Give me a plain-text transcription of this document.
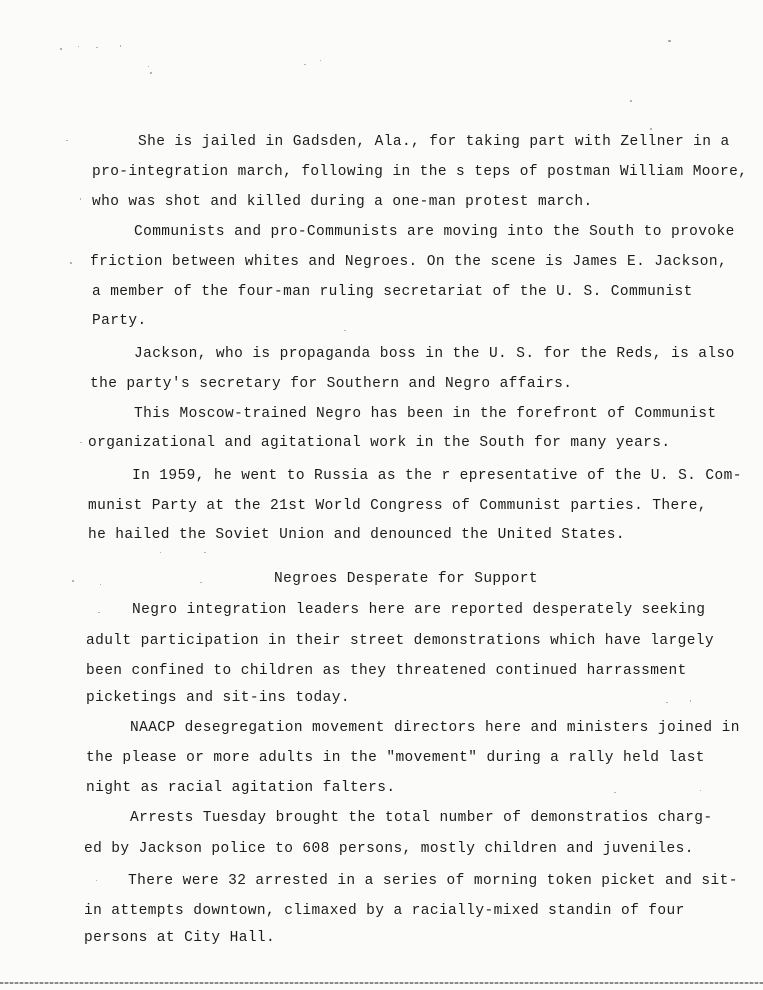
She is jailed in Gadsden, Ala., for taking part with Zellner in a
pro-integration march, following in the s teps of postman William Moore,
who was shot and killed during a one-man protest march.
Communists and pro-Communists are moving into the South to provoke
friction between whites and Negroes. On the scene is James E. Jackson,
a member of the four-man ruling secretariat of the U. S. Communist
Party.
Jackson, who is propaganda boss in the U. S. for the Reds, is also
the party's secretary for Southern and Negro affairs.
This Moscow-trained Negro has been in the forefront of Communist
organizational and agitational work in the South for many years.
In 1959, he went to Russia as the r epresentative of the U. S. Com-
munist Party at the 21st World Congress of Communist parties. There,
he hailed the Soviet Union and denounced the United States.
Negroes Desperate for Support
Negro integration leaders here are reported desperately seeking
adult participation in their street demonstrations which have largely
been confined to children as they threatened continued harrassment
picketings and sit-ins today.
NAACP desegregation movement directors here and ministers joined in
the please or more adults in the "movement" during a rally held last
night as racial agitation falters.
Arrests Tuesday brought the total number of demonstratios charg-
ed by Jackson police to 608 persons, mostly children and juveniles.
There were 32 arrested in a series of morning token picket and sit-
in attempts downtown, climaxed by a racially-mixed standin of four
persons at City Hall.
